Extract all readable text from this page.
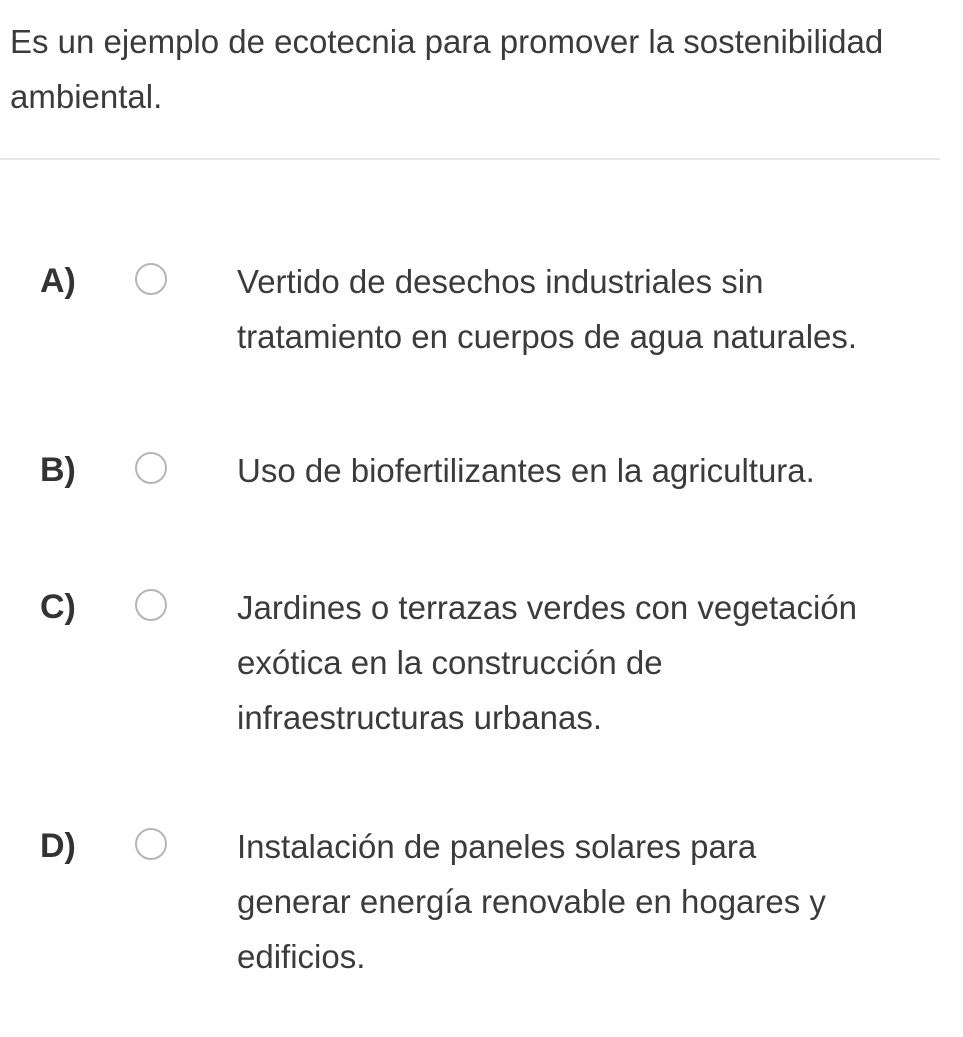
Es un ejemplo de ecotecnia para promover la sostenibilidad ambiental.

A)	Vertido de desechos industriales sin tratamiento en cuerpos de agua naturales.
B)	Uso de biofertilizantes en la agricultura.
C)	Jardines o terrazas verdes con vegetación exótica en la construcción de infraestructuras urbanas.
D)	Instalación de paneles solares para generar energía renovable en hogares y edificios.
